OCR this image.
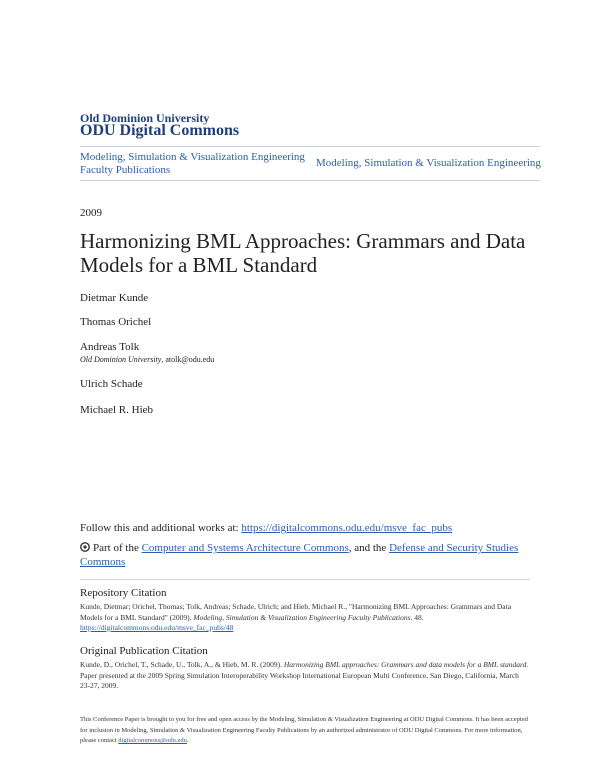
Old Dominion University
ODU Digital Commons
Modeling, Simulation & Visualization Engineering Faculty Publications
Modeling, Simulation & Visualization Engineering
2009
Harmonizing BML Approaches: Grammars and Data Models for a BML Standard
Dietmar Kunde
Thomas Orichel
Andreas Tolk
Old Dominion University, atolk@odu.edu
Ulrich Schade
Michael R. Hieb
Follow this and additional works at: https://digitalcommons.odu.edu/msve_fac_pubs
Part of the Computer and Systems Architecture Commons, and the Defense and Security Studies Commons
Repository Citation
Kunde, Dietmar; Orichel, Thomas; Tolk, Andreas; Schade, Ulrich; and Hieb, Michael R., "Harmonizing BML Approaches: Grammars and Data Models for a BML Standard" (2009). Modeling, Simulation & Visualization Engineering Faculty Publications. 48.
https://digitalcommons.odu.edu/msve_fac_pubs/48
Original Publication Citation
Kunde, D., Orichel, T., Schade, U., Tolk, A., & Hieb, M. R. (2009). Harmonizing BML approaches: Grammars and data models for a BML standard. Paper presented at the 2009 Spring Simulation Interoperability Workshop International European Multi Conference, San Diego, California, March 23-27, 2009.
This Conference Paper is brought to you for free and open access by the Modeling, Simulation & Visualization Engineering at ODU Digital Commons. It has been accepted for inclusion in Modeling, Simulation & Visualization Engineering Faculty Publications by an authorized administrator of ODU Digital Commons. For more information, please contact digitalcommons@odu.edu.
